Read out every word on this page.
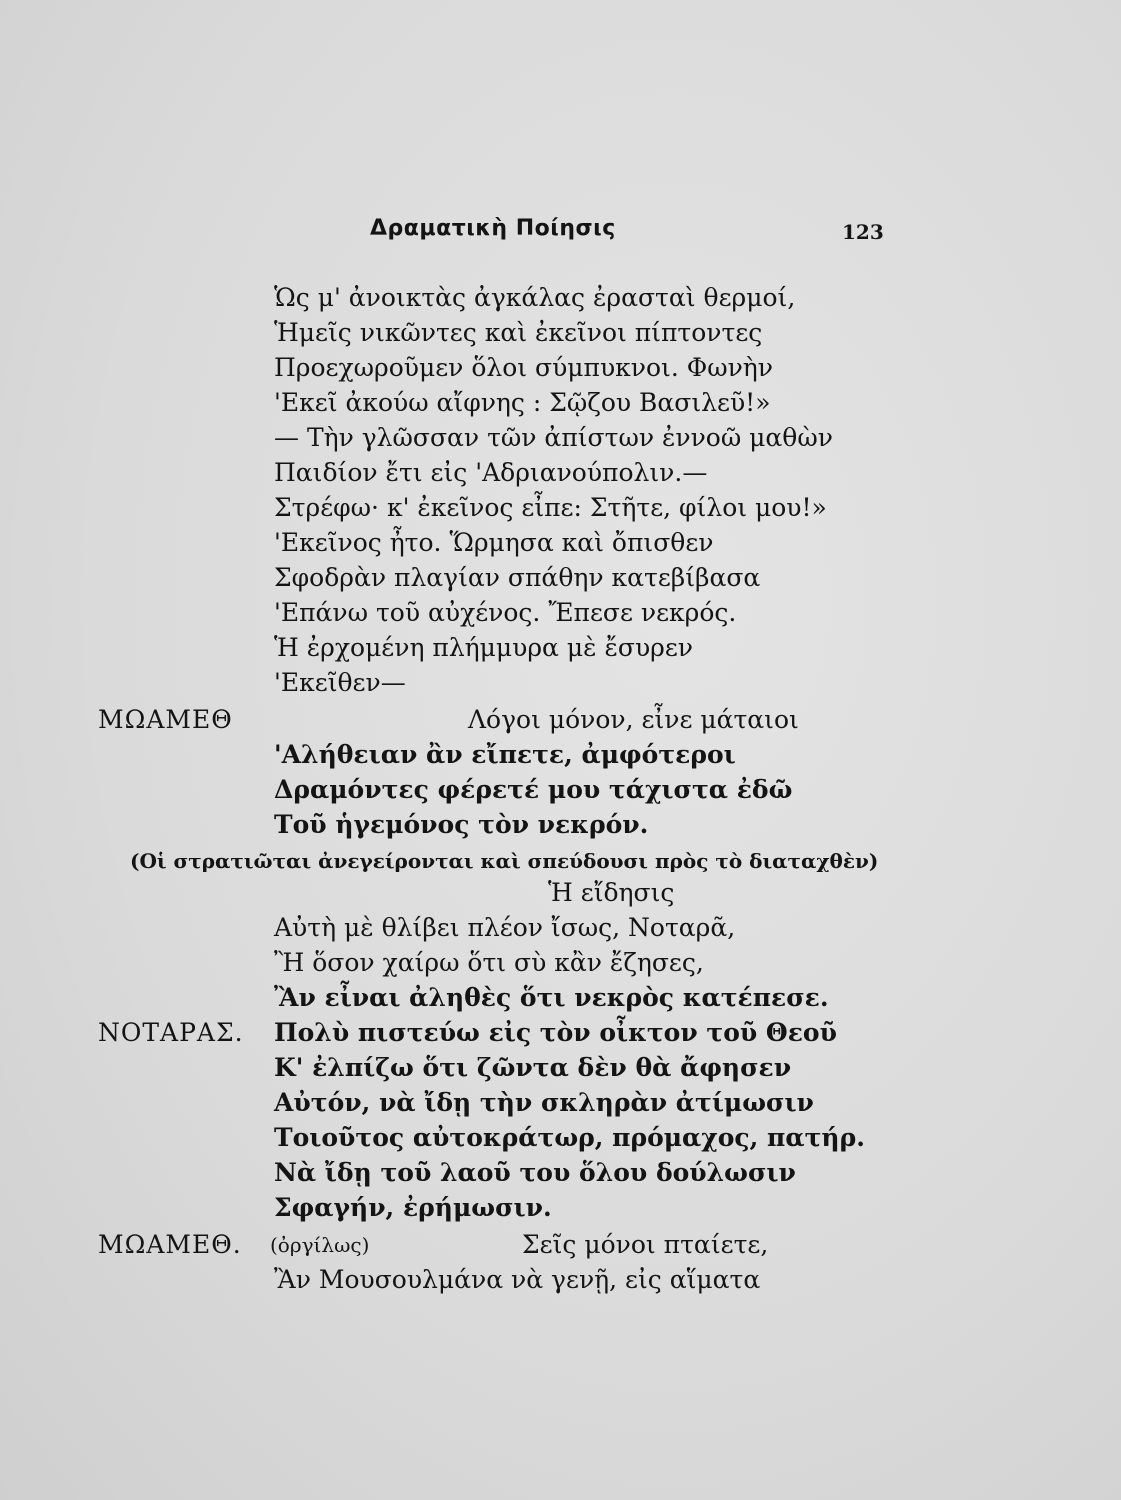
Δραματικὴ Ποίησις	123
Ὡς μ' ἀνοικτὰς ἀγκάλας ἐρασταὶ θερμοί,
Ἡμεῖς νικῶντες καὶ ἐκεῖνοι πίπτοντες
Προεχωροῦμεν ὅλοι σύμπυκνοι. Φωνὴν
'Εκεῖ ἀκούω αἴφνης : Σῷζου Βασιλεῦ!»
— Τὴν γλῶσσαν τῶν ἀπίστων ἐννοῶ μαθὼν
Παιδίον ἔτι εἰς 'Αδριανούπολιν.—
Στρέφω· κ' ἐκεῖνος εἶπε: Στῆτε, φίλοι μου!»
'Εκεῖνος ἦτο. Ὥρμησα καὶ ὄπισθεν
Σφοδρὰν πλαγίαν σπάθην κατεβίβασα
'Επάνω τοῦ αὐχένος. Ἔπεσε νεκρός.
Ἡ ἐρχομένη πλήμμυρα μὲ ἔσυρεν
'Εκεῖθεν—
ΜΩΑΜΕΘ	Λόγοι μόνον, εἶνε μάταιοι
'Αλήθειαν ἂν εἴπετε, ἀμφότεροι
Δραμόντες φέρετέ μου τάχιστα ἐδῶ
Τοῦ ἡγεμόνος τὸν νεκρόν.
(Οἱ στρατιῶται ἀνεγείρονται καὶ σπεύδουσι πρὸς τὸ διαταχθὲν)
Ἡ εἴδησις
Αὐτὴ μὲ θλίβει πλέον ἴσως, Νοταρᾶ,
Ἢ ὅσον χαίρω ὅτι σὺ κἂν ἔζησες,
Ἂν εἶναι ἀληθὲς ὅτι νεκρὸς κατέπεσε.
ΝΟΤΑΡΑΣ. Πολὺ πιστεύω εἰς τὸν οἶκτον τοῦ Θεοῦ
Κ' ἐλπίζω ὅτι ζῶντα δὲν θὰ ἄφησεν
Αὐτόν, νὰ ἴδῃ τὴν σκληρὰν ἀτίμωσιν
Τοιοῦτος αὐτοκράτωρ, πρόμαχος, πατήρ.
Νὰ ἴδῃ τοῦ λαοῦ του ὅλου δούλωσιν
Σφαγήν, ἐρήμωσιν.
ΜΩΑΜΕΘ. (ὀργίλως)	Σεῖς μόνοι πταίετε,
Ἂν Μουσουλμάνα νὰ γενῇ, εἰς αἵματα
